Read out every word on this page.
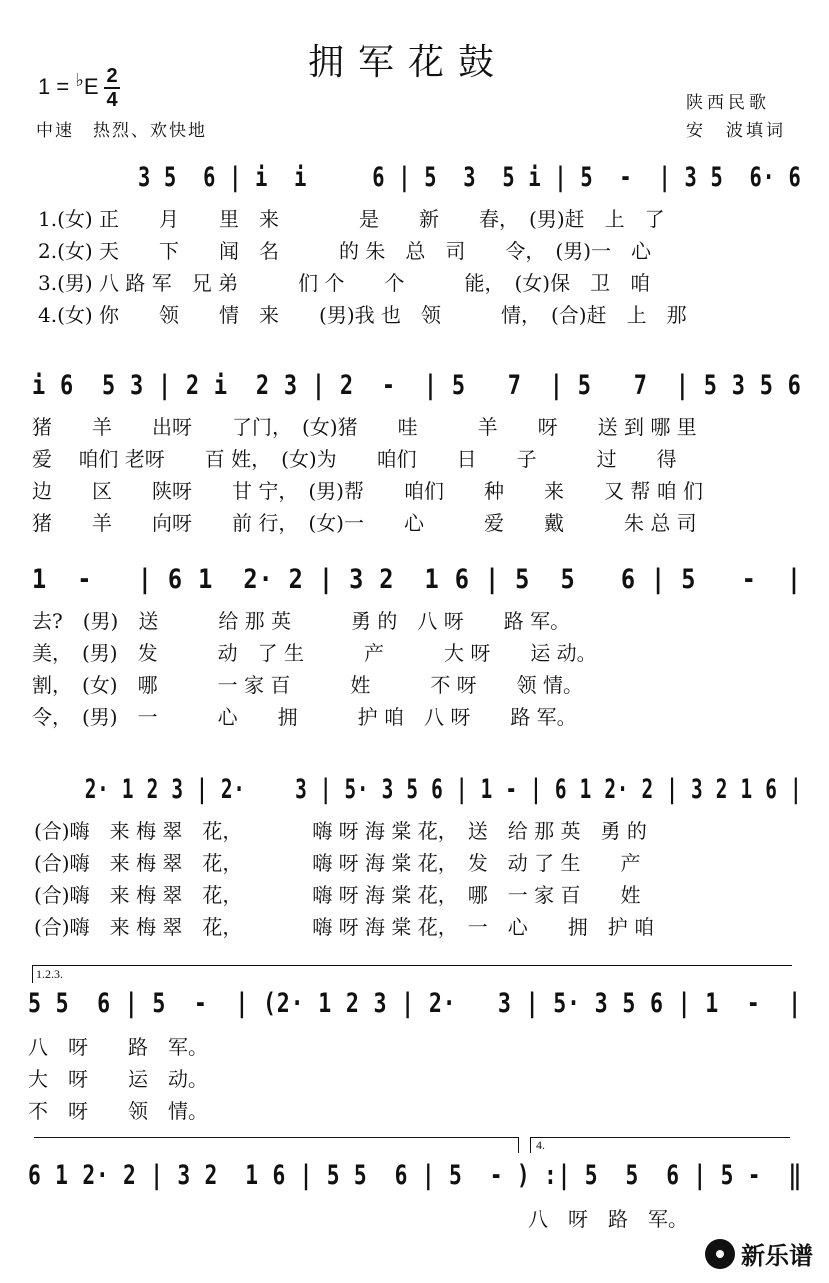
拥军花鼓
1 = ♭E 2
4
中速　热烈、欢快地
陕西民歌
安　波填词
3 5  6 | i  i     6 | 5  3  5 i | 5  -  | 3 5  6· 6
1.(女) 正　　月　　里　来　　　　是　　新　　春，　(男)赶　上　了
2.(女) 天　　下　　闻　名　　　的 朱　总　司　　令，　(男)一　心
3.(男) 八 路 军　兄 弟　　　们 个　　个　　　能，　(女)保　卫　咱
4.(女) 你　　领　　情　来　　(男)我 也　领　　　情，　(合)赶　上　那
i 6  5 3 | 2 i  2 3 | 2  -  | 5   7  | 5   7  | 5 3 5 6
猪　　羊　　出呀　　了门，　(女)猪　　哇　　　羊　　呀　　送 到 哪 里
爱　 咱们 老呀　　百 姓，　(女)为　　咱们　　日　　子　　　过　　得
边　　区　　陕呀　　甘 宁，　(男)帮　　咱们　　种　　来　　又 帮 咱 们
猪　　羊　　向呀　　前 行，　(女)一　　心　　　爱　　戴　　　朱 总 司
1  -   | 6 1  2· 2 | 3 2  1 6 | 5  5   6 | 5   -  |
去?　(男)　送　　　给 那 英　　　勇 的　八 呀　　路 军。
美，　(男)　发　　　动　了 生　　　产　　　大 呀　　运 动。
割，　(女)　哪　　　一 家 百　　　姓　　　不 呀　　领 情。
令，　(男)　一　　　心　　拥　　　护 咱　八 呀　　路 军。
2· 1 2 3 | 2·    3 | 5· 3 5 6 | 1 - | 6 1 2· 2 | 3 2 1 6 |
(合)嗨　来 梅 翠　花，　　　　嗨 呀 海 棠 花，　送　给 那 英　勇 的
(合)嗨　来 梅 翠　花，　　　　嗨 呀 海 棠 花，　发　动 了 生　　产
(合)嗨　来 梅 翠　花，　　　　嗨 呀 海 棠 花，　哪　一 家 百　　姓
(合)嗨　来 梅 翠　花，　　　　嗨 呀 海 棠 花，　一　心　　拥　护 咱
1.2.3.
5 5  6 | 5  -  | (2· 1 2 3 | 2·   3 | 5· 3 5 6 | 1  -  |
八　呀　　路　军。
大　呀　　运　动。
不　呀　　领　情。
4.
6 1 2· 2 | 3 2  1 6 | 5 5  6 | 5  - ) :| 5  5  6 | 5 -  ‖
　　　　　　　　　　　　　　　　　　　　　　　　　八　呀　路　军。
新乐谱
